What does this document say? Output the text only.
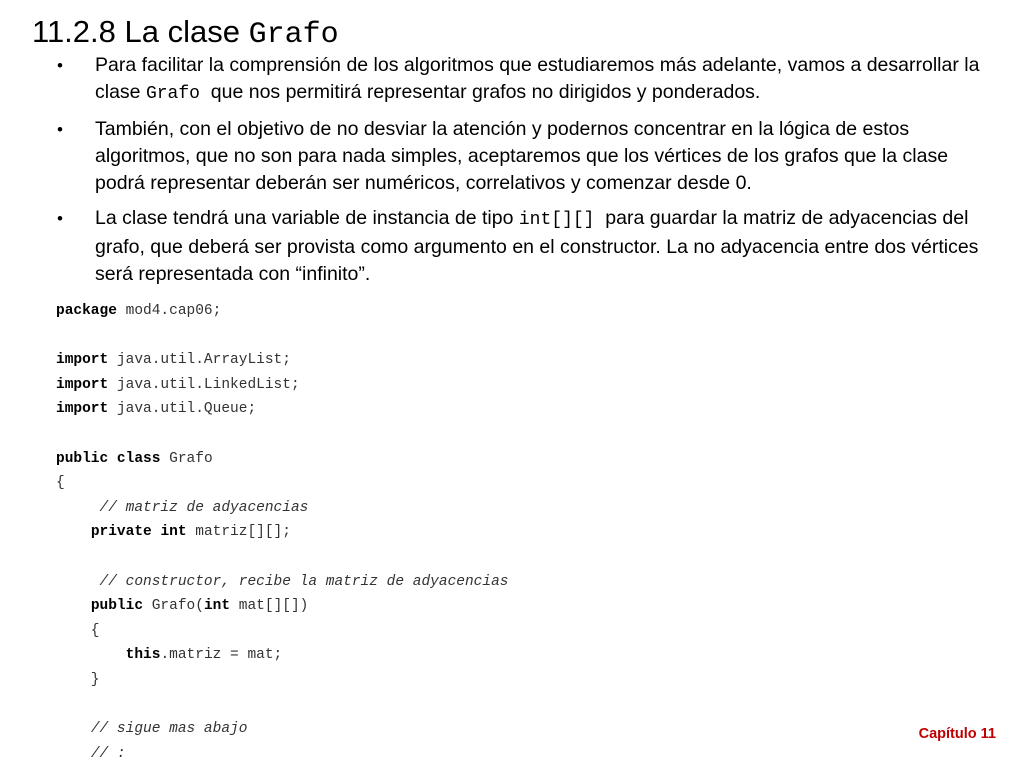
11.2.8 La clase Grafo
• Para facilitar la comprensión de los algoritmos que estudiaremos más adelante, vamos a desarrollar la clase Grafo que nos permitirá representar grafos no dirigidos y ponderados.
• También, con el objetivo de no desviar la atención y podernos concentrar en la lógica de estos algoritmos, que no son para nada simples, aceptaremos que los vértices de los grafos que la clase podrá representar deberán ser numéricos, correlativos y comenzar desde 0.
• La clase tendrá una variable de instancia de tipo int[][] para guardar la matriz de adyacencias del grafo, que deberá ser provista como argumento en el constructor. La no adyacencia entre dos vértices será representada con “infinito”.
package mod4.cap06;
import java.util.ArrayList;
import java.util.LinkedList;
import java.util.Queue;
public class Grafo
{
// matriz de adyacencias
private int matriz[][];
// constructor, recibe la matriz de adyacencias
public Grafo(int mat[][])
{
this.matriz = mat;
}
// sigue mas abajo
// :
Capítulo 11
